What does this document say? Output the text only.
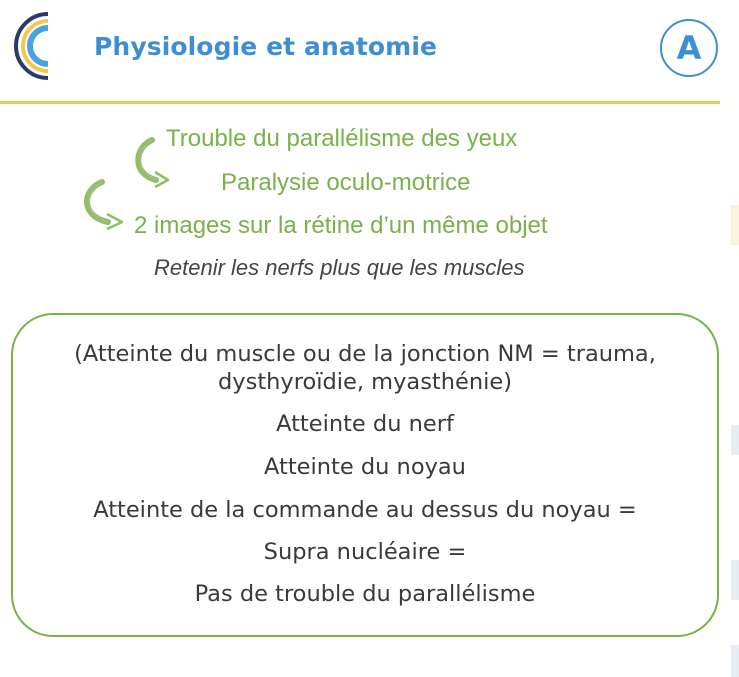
Physiologie et anatomie	A
Trouble du parallélisme des yeux
Paralysie oculo-motrice
2 images sur la rétine d’un même objet
Retenir les nerfs plus que les muscles
(Atteinte du muscle ou de la jonction NM = trauma, dysthyroïdie, myasthénie)
Atteinte du nerf
Atteinte du noyau
Atteinte de la commande au dessus du noyau =
Supra nucléaire =
Pas de trouble du parallélisme
